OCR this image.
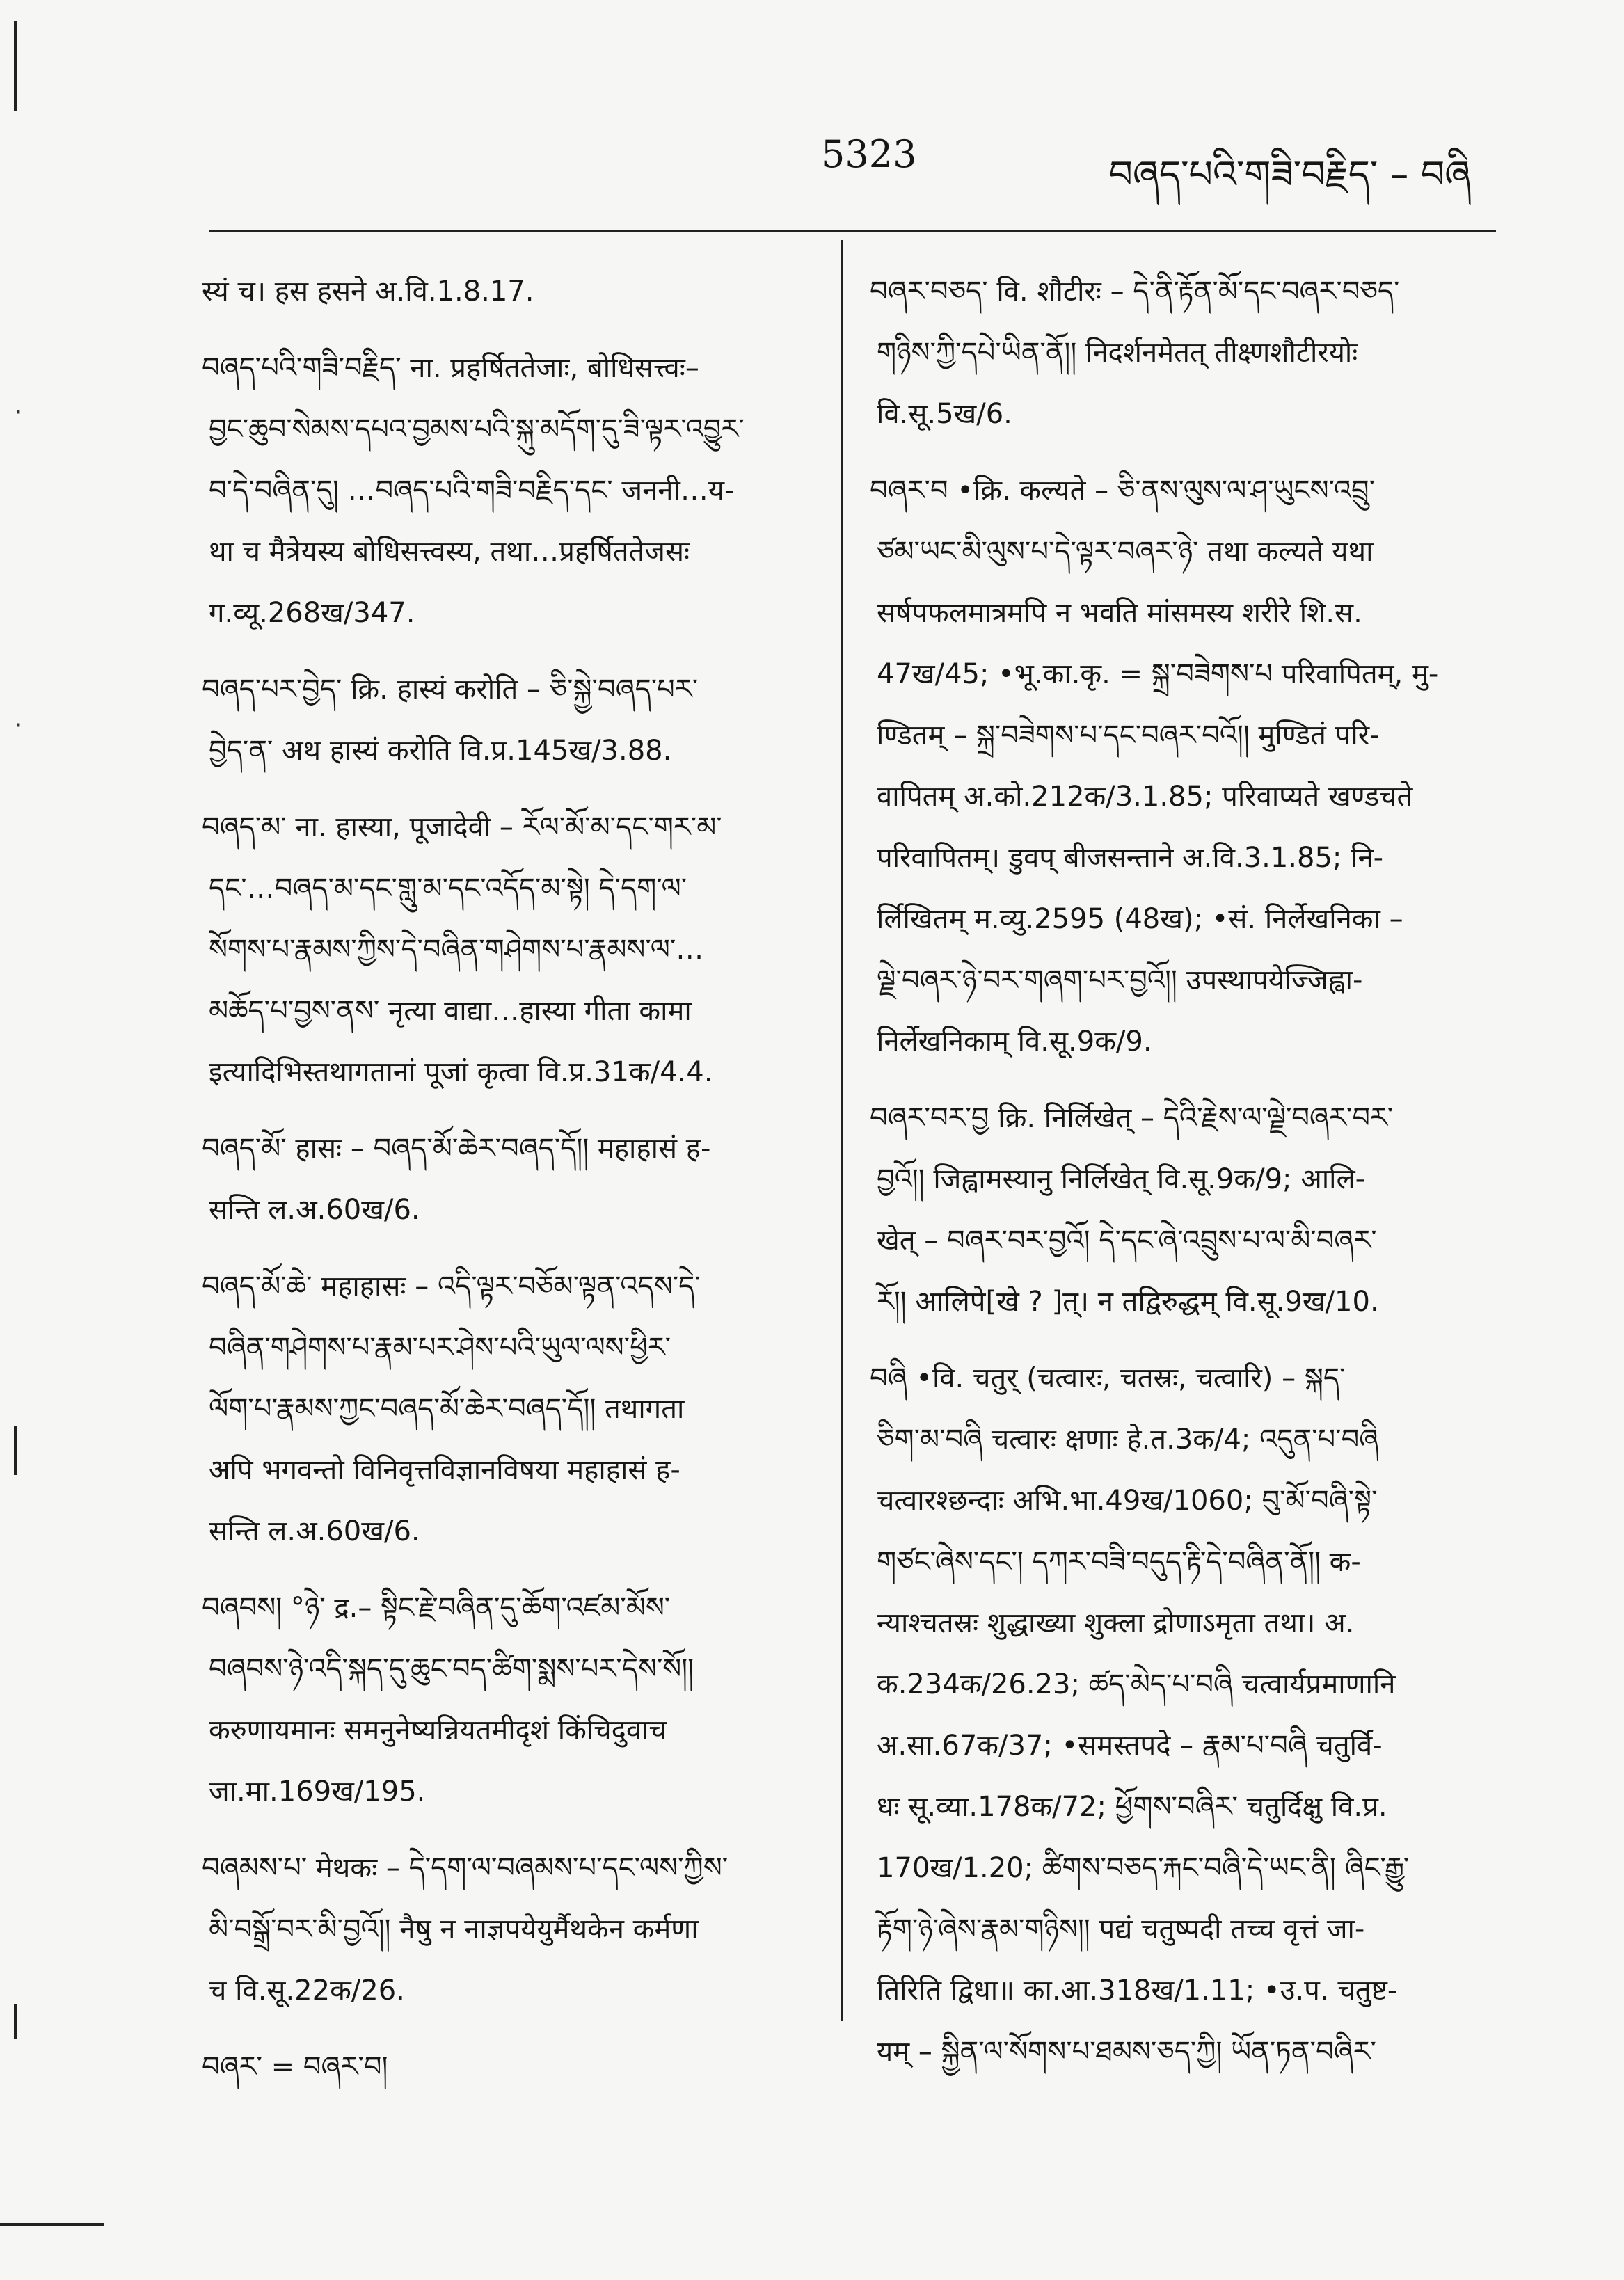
·
·
5323	བཞད་པའི་གཟི་བརྗིད་ – བཞི
स्यं च। हस हसने अ.वि.1.8.17.
བཞད་པའི་གཟི་བརྗིད་ ना. प्रहर्षिततेजाः, बोधिसत्त्वः–
བྱང་ཆུབ་སེམས་དཔའ་བྱམས་པའི་སྐུ་མདོག་དུ་ཟི་ལྟར་འབྱུར་
བ་དེ་བཞིན་དུ། …བཞད་པའི་གཟི་བརྗིད་དང་ जननी…य-
था च मैत्रेयस्य बोधिसत्त्वस्य, तथा…प्रहर्षिततेजसः
ग.व्यू.268ख/347.
བཞད་པར་བྱེད་ क्रि. हास्यं करोति – ཅི་སྐྱེ་བཞད་པར་
བྱེད་ན་ अथ हास्यं करोति वि.प्र.145ख/3.88.
བཞད་མ་ ना. हास्या, पूजादेवी – རོལ་མོ་མ་དང་གར་མ་
དང་…བཞད་མ་དང་གླུ་མ་དང་འདོད་མ་སྟེ། དེ་དག་ལ་
སོགས་པ་རྣམས་ཀྱིས་དེ་བཞིན་གཤེགས་པ་རྣམས་ལ་…
མཆོད་པ་བྱས་ནས་ नृत्या वाद्या…हास्या गीता कामा
इत्यादिभिस्तथागतानां पूजां कृत्वा वि.प्र.31क/4.4.
བཞད་མོ་ हासः – བཞད་མོ་ཆེར་བཞད་དོ།། महाहासं ह-
सन्ति ल.अ.60ख/6.
བཞད་མོ་ཆེ་ महाहासः – འདི་ལྟར་བཅོམ་ལྟན་འདས་དེ་
བཞིན་གཤེགས་པ་རྣམ་པར་ཤེས་པའི་ཡུལ་ལས་ཕྱིར་
ལོག་པ་རྣམས་ཀྱང་བཞད་མོ་ཆེར་བཞད་དོ།། तथागता
अपि भगवन्तो विनिवृत्तविज्ञानविषया महाहासं ह-
सन्ति ल.अ.60ख/6.
བཞབས། °ཉེ་ द्र.– སྟིང་རྗེ་བཞིན་དུ་ཆོག་འཛམ་མོས་
བཞབས་ཉེ་འདི་སྐད་དུ་ཆུང་བད་ཚིག་སྨས་པར་དེས་སོ།།
करुणायमानः समनुनेष्यन्नियतमीदृशं किंचिदुवाच
जा.मा.169ख/195.
བཞམས་པ་ मेथकः – དེ་དག་ལ་བཞམས་པ་དང་ལས་ཀྱིས་
མི་བསྒྲོ་བར་མི་བྱའོ།། नैषु न नाज्ञपयेयुर्मैथकेन कर्मणा
च वि.सू.22क/26.
བཞར་ = བཞར་བ།
བཞར་བཅད་ वि. शौटीरः – དེ་ནི་རྟོན་མོ་དང་བཞར་བཅད་
གཉིས་ཀྱི་དཔེ་ཡིན་ནོ།། निदर्शनमेतत् तीक्ष्णशौटीरयोः
वि.सू.5ख/6.
བཞར་བ •क्रि. कल्यते – ཅི་ནས་ལུས་ལ་ཤ་ཡུངས་འབྲུ་
ཙམ་ཡང་མི་ལུས་པ་དེ་ལྟར་བཞར་ཉེ་ तथा कल्यते यथा
सर्षपफलमात्रमपि न भवति मांसमस्य शरीरे शि.स.
47ख/45; •भू.का.कृ. = སྐྲ་བཟེགས་པ परिवापितम्, मु-
ण्डितम् – སྐྲ་བཟེགས་པ་དང་བཞར་བའོ།། मुण्डितं परि-
वापितम् अ.को.212क/3.1.85; परिवाप्यते खण्डचते
परिवापितम्। डुवप् बीजसन्ताने अ.वि.3.1.85; नि-
र्लिखितम् म.व्यु.2595 (48ख); •सं. निर्लेखनिका –
ལྗེ་བཞར་ཉེ་བར་གཞག་པར་བྱའོ།། उपस्थापयेज्जिह्वा-
निर्लेखनिकाम् वि.सू.9क/9.
བཞར་བར་བྱ क्रि. निर्लिखेत् – དེའི་རྗེས་ལ་ལྗེ་བཞར་བར་
བྱའོ།། जिह्वामस्यानु निर्लिखेत् वि.सू.9क/9; आलि-
खेत् – བཞར་བར་བྱའོ། དེ་དང་ཞེ་འབྲུས་པ་ལ་མི་བཞར་
རོ།། आलिपे[खे ? ]त्। न तद्विरुद्धम् वि.सू.9ख/10.
བཞི •वि. चतुर् (चत्वारः, चतस्रः, चत्वारि) – སྐད་
ཅིག་མ་བཞི चत्वारः क्षणाः हे.त.3क/4; འདུན་པ་བཞི
चत्वारश्छन्दाः अभि.भा.49ख/1060; བུ་མོ་བཞི་སྟེ་
གཙང་ཞེས་དང་། དཀར་བཟི་བདུད་རྟི་དེ་བཞིན་ནོ།། क-
न्याश्चतस्रः शुद्धाख्या शुक्ला द्रोणाऽमृता तथा। अ.
क.234क/26.23; ཚད་མེད་པ་བཞི चत्वार्यप्रमाणानि
अ.सा.67क/37; •समस्तपदे – རྣམ་པ་བཞི चतुर्वि-
धः सू.व्या.178क/72; ཕྱོགས་བཞིར་ चतुर्दिक्षु वि.प्र.
170ख/1.20; ཚིགས་བཅད་རྐང་བཞི་དེ་ཡང་ནི། ཞིང་རྒྱུ་
རྟོག་ཉེ་ཞེས་རྣམ་གཉིས།། पद्यं चतुष्पदी तच्च वृत्तं जा-
तिरिति द्विधा॥ का.आ.318ख/1.11; •उ.प. चतुष्ट-
यम् – སྐྱིན་ལ་སོགས་པ་ཐམས་ཅད་ཀྱི། ཡོན་ཏན་བཞིར་
